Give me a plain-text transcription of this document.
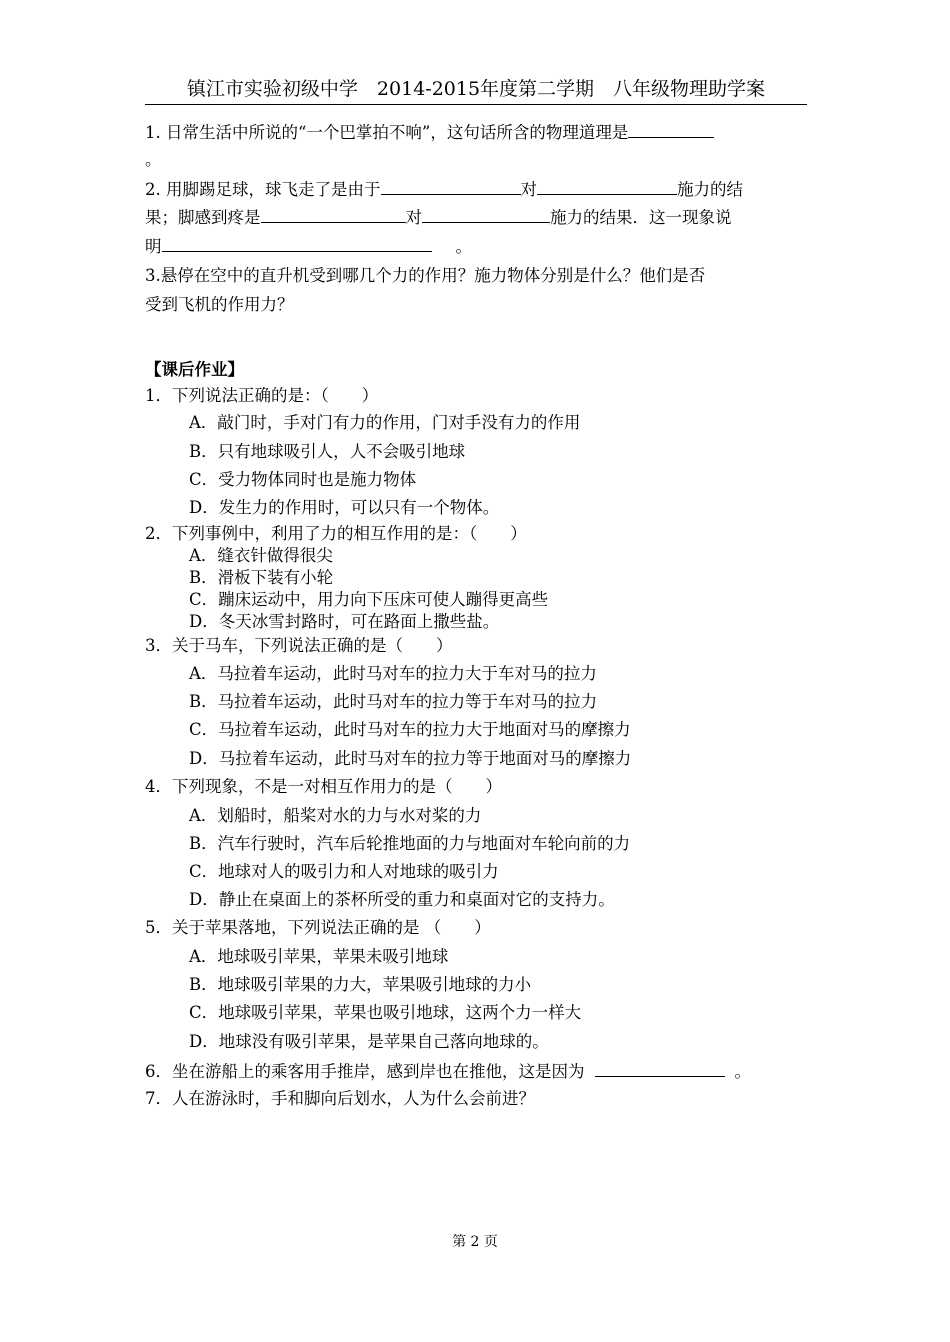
镇江市实验初级中学　2014-2015年度第二学期　八年级物理助学案
1. 日常生活中所说的“一个巴掌拍不响”，这句话所含的物理道理是
。
2. 用脚踢足球，球飞走了是由于	对	施力的结
果；脚感到疼是	对	施力的结果．这一现象说
明	。
3.悬停在空中的直升机受到哪几个力的作用？施力物体分别是什么？他们是否
受到飞机的作用力？
【课后作业】
1．下列说法正确的是：（　　）
A．敲门时，手对门有力的作用，门对手没有力的作用
B．只有地球吸引人，人不会吸引地球
C．受力物体同时也是施力物体
D．发生力的作用时，可以只有一个物体。
2．下列事例中，利用了力的相互作用的是：（　　）
A．缝衣针做得很尖
B．滑板下装有小轮
C．蹦床运动中，用力向下压床可使人蹦得更高些
D．冬天冰雪封路时，可在路面上撒些盐。
3．关于马车，下列说法正确的是（　　）
A．马拉着车运动，此时马对车的拉力大于车对马的拉力
B．马拉着车运动，此时马对车的拉力等于车对马的拉力
C．马拉着车运动，此时马对车的拉力大于地面对马的摩擦力
D．马拉着车运动，此时马对车的拉力等于地面对马的摩擦力
4．下列现象，不是一对相互作用力的是（　　）
A．划船时，船桨对水的力与水对桨的力
B．汽车行驶时，汽车后轮推地面的力与地面对车轮向前的力
C．地球对人的吸引力和人对地球的吸引力
D．静止在桌面上的茶杯所受的重力和桌面对它的支持力。
5．关于苹果落地，下列说法正确的是 （　　）
A．地球吸引苹果，苹果未吸引地球
B．地球吸引苹果的力大，苹果吸引地球的力小
C．地球吸引苹果，苹果也吸引地球，这两个力一样大
D．地球没有吸引苹果，是苹果自己落向地球的。
6．坐在游船上的乘客用手推岸，感到岸也在推他，这是因为	。
7．人在游泳时，手和脚向后划水，人为什么会前进？
第 2 页
